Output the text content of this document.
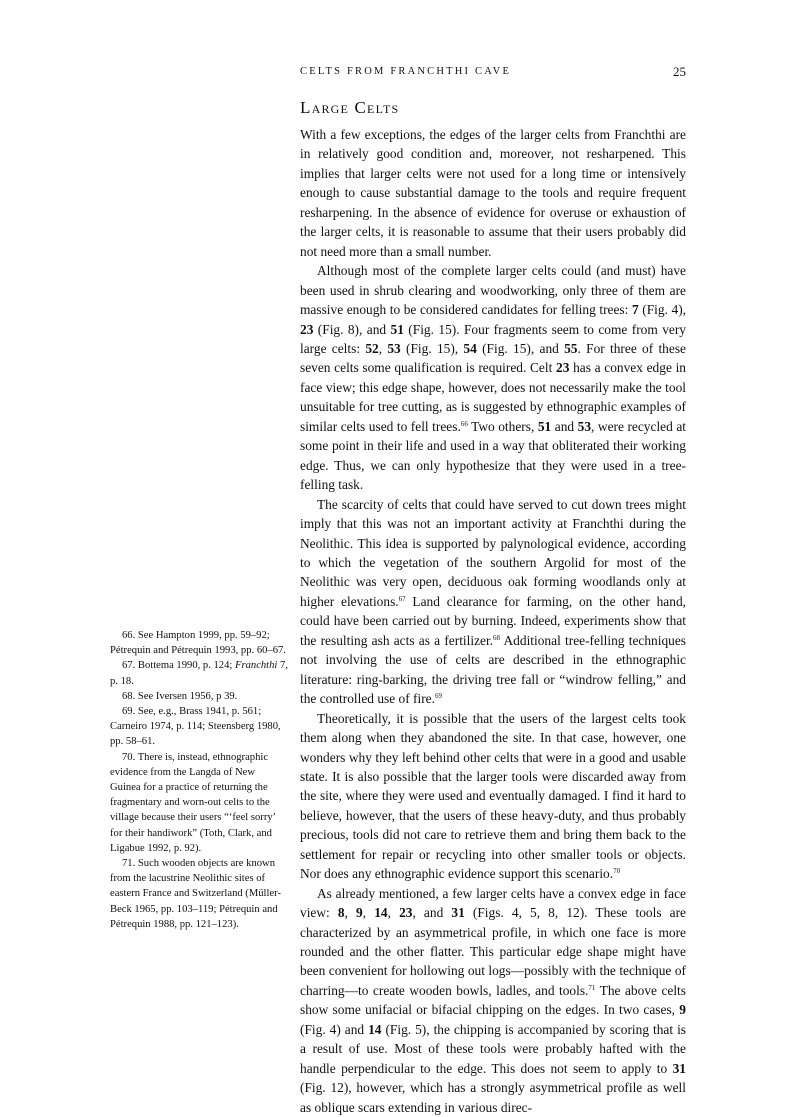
CELTS FROM FRANCHTHI CAVE	25
Large Celts

With a few exceptions, the edges of the larger celts from Franchthi are in relatively good condition and, moreover, not resharpened. This implies that larger celts were not used for a long time or intensively enough to cause substantial damage to the tools and require frequent resharpening. In the absence of evidence for overuse or exhaustion of the larger celts, it is reasonable to assume that their users probably did not need more than a small number.

Although most of the complete larger celts could (and must) have been used in shrub clearing and woodworking, only three of them are massive enough to be considered candidates for felling trees: 7 (Fig. 4), 23 (Fig. 8), and 51 (Fig. 15). Four fragments seem to come from very large celts: 52, 53 (Fig. 15), 54 (Fig. 15), and 55. For three of these seven celts some qualification is required. Celt 23 has a convex edge in face view; this edge shape, however, does not necessarily make the tool unsuitable for tree cutting, as is suggested by ethnographic examples of similar celts used to fell trees.$^{66}$ Two others, 51 and 53, were recycled at some point in their life and used in a way that obliterated their working edge. Thus, we can only hypothesize that they were used in a tree-felling task.

The scarcity of celts that could have served to cut down trees might imply that this was not an important activity at Franchthi during the Neolithic. This idea is supported by palynological evidence, according to which the vegetation of the southern Argolid for most of the Neolithic was very open, deciduous oak forming woodlands only at higher elevations.$^{67}$ Land clearance for farming, on the other hand, could have been carried out by burning. Indeed, experiments show that the resulting ash acts as a fertilizer.$^{68}$ Additional tree-felling techniques not involving the use of celts are described in the ethnographic literature: ring-barking, the driving tree fall or “windrow felling,” and the controlled use of fire.$^{69}$

Theoretically, it is possible that the users of the largest celts took them along when they abandoned the site. In that case, however, one wonders why they left behind other celts that were in a good and usable state. It is also possible that the larger tools were discarded away from the site, where they were used and eventually damaged. I find it hard to believe, however, that the users of these heavy-duty, and thus probably precious, tools did not care to retrieve them and bring them back to the settlement for repair or recycling into other smaller tools or objects. Nor does any ethnographic evidence support this scenario.$^{70}$

As already mentioned, a few larger celts have a convex edge in face view: 8, 9, 14, 23, and 31 (Figs. 4, 5, 8, 12). These tools are characterized by an asymmetrical profile, in which one face is more rounded and the other flatter. This particular edge shape might have been convenient for hollowing out logs—possibly with the technique of charring—to create wooden bowls, ladles, and tools.$^{71}$ The above celts show some unifacial or bifacial chipping on the edges. In two cases, 9 (Fig. 4) and 14 (Fig. 5), the chipping is accompanied by scoring that is a result of use. Most of these tools were probably hafted with the handle perpendicular to the edge. This does not seem to apply to 31 (Fig. 12), however, which has a strongly asymmetrical profile as well as oblique scars extending in various direc-

66. See Hampton 1999, pp. 59–92; Pétrequin and Pétrequin 1993, pp. 60–67.

67. Bottema 1990, p. 124; Franchthi 7, p. 18.

68. See Iversen 1956, p 39.

69. See, e.g., Brass 1941, p. 561; Carneiro 1974, p. 114; Steensberg 1980, pp. 58–61.

70. There is, instead, ethnographic evidence from the Langda of New Guinea for a practice of returning the fragmentary and worn-out celts to the village because their users “‘feel sorry’ for their handiwork” (Toth, Clark, and Ligabue 1992, p. 92).

71. Such wooden objects are known from the lacustrine Neolithic sites of eastern France and Switzerland (Müller-Beck 1965, pp. 103–119; Pétrequin and Pétrequin 1988, pp. 121–123).
